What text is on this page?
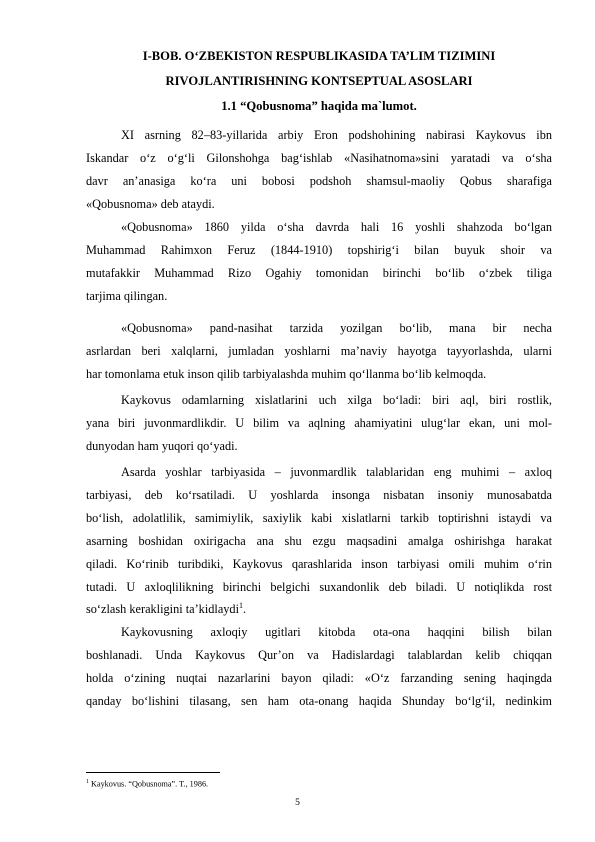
I-BOB. O‘ZBEKISTON RESPUBLIKASIDA TA’LIM TIZIMINI
RIVOJLANTIRISHNING KONTSEPTUAL ASOSLARI
1.1 “Qobusnoma” haqida ma`lumot.
XI asrning 82–83-yillarida arbiy Eron podshohining nabirasi Kaykovus ibn
Iskandar o‘z o‘g‘li Gilonshohga bag‘ishlab «Nasihatnoma»sini yaratadi va o‘sha
davr an’anasiga ko‘ra uni bobosi podshoh shamsul-maoliy Qobus sharafiga
«Qobusnoma» deb ataydi.
«Qobusnoma» 1860 yilda o‘sha davrda hali 16 yoshli shahzoda bo‘lgan
Muhammad Rahimxon Feruz (1844-1910) topshirig‘i bilan buyuk shoir va
mutafakkir Muhammad Rizo Ogahiy tomonidan birinchi bo‘lib o‘zbek tiliga
tarjima qilingan.
«Qobusnoma» pand-nasihat tarzida yozilgan bo‘lib, mana bir necha
asrlardan beri xalqlarni, jumladan yoshlarni ma’naviy hayotga tayyorlashda, ularni
har tomonlama etuk inson qilib tarbiyalashda muhim qo‘llanma bo‘lib kelmoqda.
Kaykovus odamlarning xislatlarini uch xilga bo‘ladi: biri aql, biri rostlik,
yana biri juvonmardlikdir. U bilim va aqlning ahamiyatini ulug‘lar ekan, uni mol-
dunyodan ham yuqori qo‘yadi.
Asarda yoshlar tarbiyasida – juvonmardlik talablaridan eng muhimi – axloq
tarbiyasi, deb ko‘rsatiladi. U yoshlarda insonga nisbatan insoniy munosabatda
bo‘lish, adolatlilik, samimiylik, saxiylik kabi xislatlarni tarkib toptirishni istaydi va
asarning boshidan oxirigacha ana shu ezgu maqsadini amalga oshirishga harakat
qiladi. Ko‘rinib turibdiki, Kaykovus qarashlarida inson tarbiyasi omili muhim o‘rin
tutadi. U axloqlilikning birinchi belgichi suxandonlik deb biladi. U notiqlikda rost
so‘zlash kerakligini ta’kidlaydi$^1$.
Kaykovusning axloqiy ugitlari kitobda ota-ona haqqini bilish bilan
boshlanadi. Unda Kaykovus Qur’on va Hadislardagi talablardan kelib chiqqan
holda o‘zining nuqtai nazarlarini bayon qiladi: «O‘z farzanding sening haqingda
qanday bo‘lishini tilasang, sen ham ota-onang haqida Shunday bo‘lg‘il, nedinkim
$^1$ Kaykovus. “Qobusnoma”. T., 1986.
5
